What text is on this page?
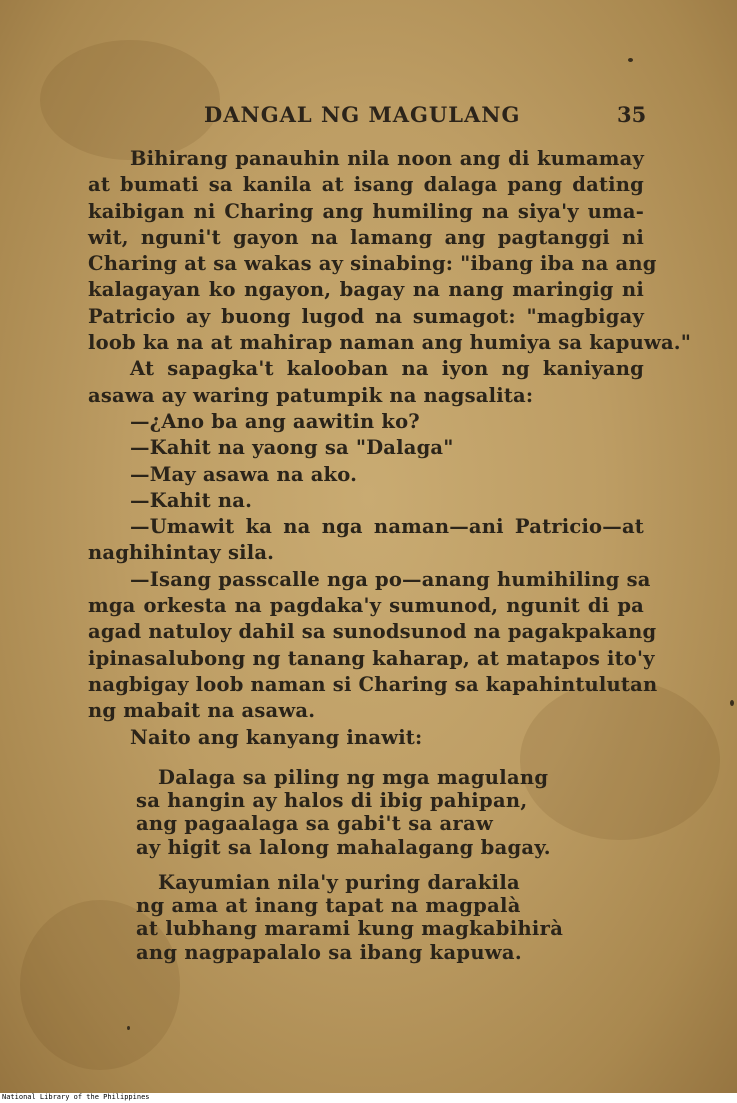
DANGAL NG MAGULANG	35
Bihirang panauhin nila noon ang di kumamay
at bumati sa kanila at isang dalaga pang dating
kaibigan ni Charing ang humiling na siya'y uma-
wit, nguni't gayon na lamang ang pagtanggi ni
Charing at sa wakas ay sinabing: "ibang iba na ang
kalagayan ko ngayon, bagay na nang maringig ni
Patricio ay buong lugod na sumagot: "magbigay
loob ka na at mahirap naman ang humiya sa kapuwa."
At sapagka't kalooban na iyon ng kaniyang
asawa ay waring patumpik na nagsalita:
—¿Ano ba ang aawitin ko?
—Kahit na yaong sa "Dalaga"
—May asawa na ako.
—Kahit na.
—Umawit ka na nga naman—ani Patricio—at
naghihintay sila.
—Isang passcalle nga po—anang humihiling sa
mga orkesta na pagdaka'y sumunod, ngunit di pa
agad natuloy dahil sa sunodsunod na pagakpakang
ipinasalubong ng tanang kaharap, at matapos ito'y
nagbigay loob naman si Charing sa kapahintulutan
ng mabait na asawa.
Naito ang kanyang inawit:
Dalaga sa piling ng mga magulang
sa hangin ay halos di ibig pahipan,
ang pagaalaga sa gabi't sa araw
ay higit sa lalong mahalagang bagay.
Kayumian nila'y puring darakila
ng ama at inang tapat na magpalà
at lubhang marami kung magkabihirà
ang nagpapalalo sa ibang kapuwa.
National Library of the Philippines
